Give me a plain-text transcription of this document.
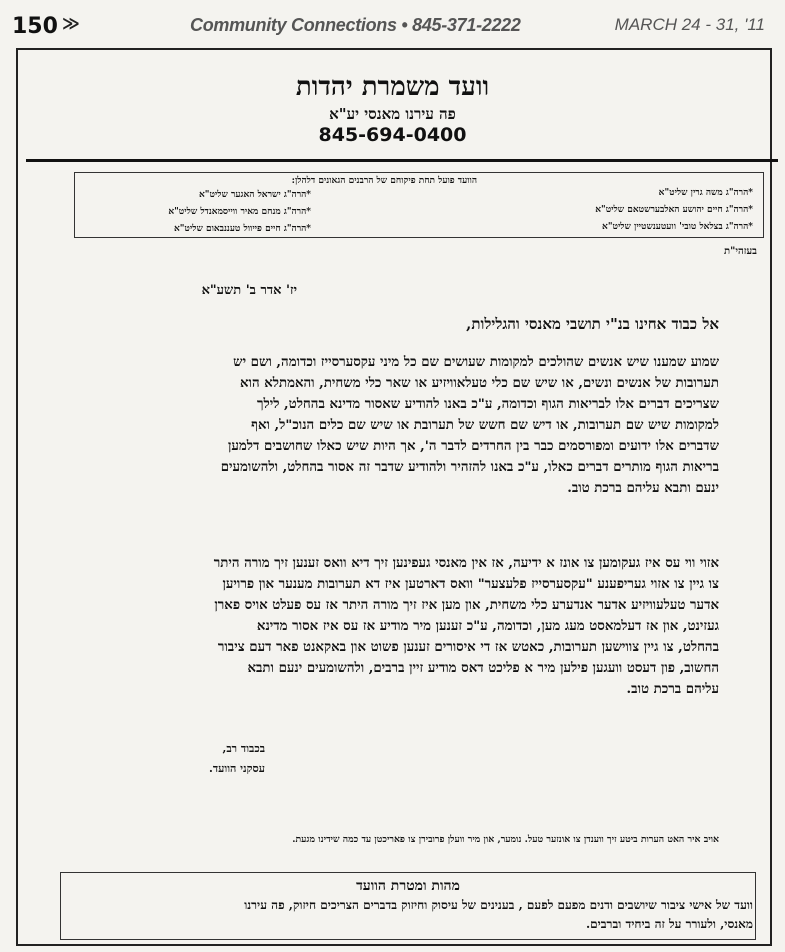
150 ≫	Community Connections • 845-371-2222	MARCH 24 - 31, '11
וועד משמרת יהדות
פה עירנו מאנסי יע"א
845-694-0400
הוועד פועל תחת פיקוחם של הרבנים הגאונים דלהלן:
*הרה"ג משה גרין שליט"א
*הרה"ג חיים יהושע האלבערשטאם שליט"א
*הרה"ג בצלאל טובי' וועטענשטיין שליט"א
*הרה"ג ישראל האגער שליט"א
*הרה"ג מנחם מאיר ווייסמאנדל שליט"א
*הרה"ג חיים פייוול טעננבאום שליט"א
בעזהי"ת
יז' אדר ב' תשע"א
אל כבוד אחינו בנ"י תושבי מאנסי והגלילות,
שמוע שמענו שיש אנשים שהולכים למקומות שעושים שם כל מיני עקסערסייז וכדומה, ושם יש
תערובות של אנשים ונשים, או שיש שם כלי טעלאוויזיע או שאר כלי משחית, והאמתלא הוא
שצריכים דברים אלו לבריאות הגוף וכדומה, ע"כ באנו להודיע שאסור מדינא בהחלט, לילך
למקומות שיש שם תערובות, או דיש שם חשש של תערובת או שיש שם כלים הנוכ"ל, ואף
שדברים אלו ידועים ומפורסמים כבר בין החרדים לדבר ה', אך היות שיש כאלו שחושבים דלמען
בריאות הגוף מותרים דברים כאלו, ע"כ באנו להזהיר ולהודיע שדבר זה אסור בהחלט, ולהשומעים
ינעם ותבא עליהם ברכת טוב.
אזוי ווי עס איז געקומען צו אונז א ידיעה, אז אין מאנסי געפינען זיך דיא וואס זענען זיך מורה היתר
צו גיין צו אזוי געריפענע "עקסערסייז פלעצער" וואס דארטען איז דא תערובות מענער און פרויען
אדער טעלעוויזיע אדער אנדערע כלי משחית, און מען איז זיך מורה היתר אז עס פעלט אויס פארן
געזינט, און אז דעלמאסט מעג מען, וכדומה, ע"כ זענען מיר מודיע אז עס איז אסור מדינא
בהחלט, צו גיין צווישען תערובות, כאטש אז די איסורים זענען פשוט און באקאנט פאר דעם ציבור
החשוב, פון דעסט וועגען פילען מיר א פליכט דאס מודיע זיין ברבים, ולהשומעים ינעם ותבא
עליהם ברכת טוב.
בכבוד רב,
עסקני הוועד.
אויב איר האט הערות ביטע זיך ווענדן צו אונזער טעל. נומער, און מיר וועלן פרובירן צו פאריכטן עד כמה שידינו מגעת.
מהות ומטרת הוועד
וועד של אישי ציבור שיושבים ודנים מפעם לפעם , בענינים של עיסוק וחיזוק בדברים הצריכים חיזוק, פה עירנו
מאנסי, ולעורר על זה ביחיד וברבים.
